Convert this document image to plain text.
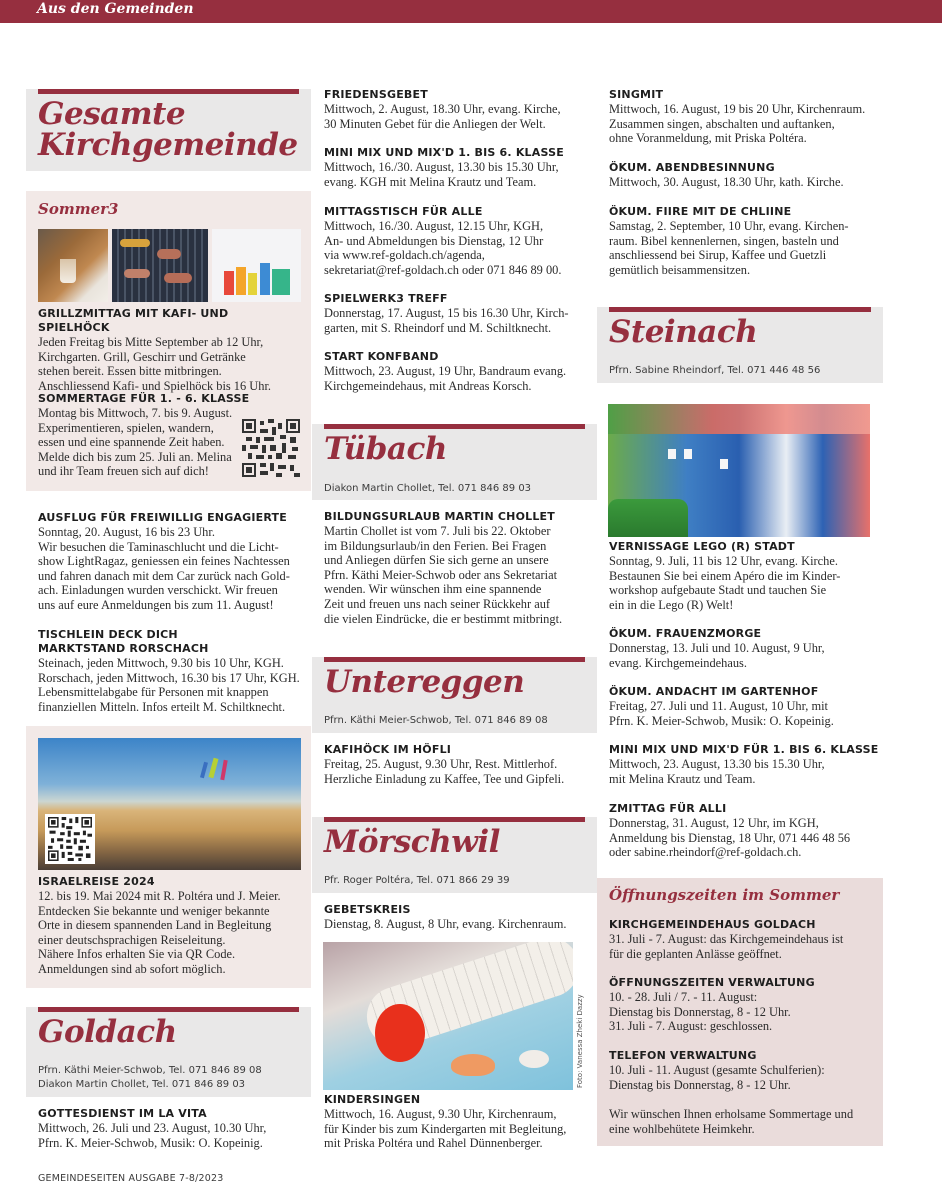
Aus den Gemeinden
Gesamte
Kirchgemeinde
Sommer3
GRILLZMITTAG MIT KAFI- UND SPIELHÖCK
Jeden Freitag bis Mitte September ab 12 Uhr,
Kirchgarten. Grill, Geschirr und Getränke
stehen bereit. Essen bitte mitbringen.
Anschliessend Kafi- und Spielhöck bis 16 Uhr.
SOMMERTAGE FÜR 1. - 6. KLASSE
Montag bis Mittwoch, 7. bis 9. August.
Experimentieren, spielen, wandern,
essen und eine spannende Zeit haben.
Melde dich bis zum 25. Juli an. Melina
und ihr Team freuen sich auf dich!
AUSFLUG FÜR FREIWILLIG ENGAGIERTE
Sonntag, 20. August, 16 bis 23 Uhr.
Wir besuchen die Taminaschlucht und die Licht-
show LightRagaz, geniessen ein feines Nachtessen
und fahren danach mit dem Car zurück nach Gold-
ach. Einladungen wurden verschickt. Wir freuen
uns auf eure Anmeldungen bis zum 11. August!
TISCHLEIN DECK DICH
MARKTSTAND RORSCHACH
Steinach, jeden Mittwoch, 9.30 bis 10 Uhr, KGH.
Rorschach, jeden Mittwoch, 16.30 bis 17 Uhr, KGH.
Lebensmittelabgabe für Personen mit knappen
finanziellen Mitteln. Infos erteilt M. Schiltknecht.
ISRAELREISE 2024
12. bis 19. Mai 2024 mit R. Poltéra und J. Meier.
Entdecken Sie bekannte und weniger bekannte
Orte in diesem spannenden Land in Begleitung
einer deutschsprachigen Reiseleitung.
Nähere Infos erhalten Sie via QR Code.
Anmeldungen sind ab sofort möglich.
Goldach
Pfrn. Käthi Meier-Schwob, Tel. 071 846 89 08
Diakon Martin Chollet, Tel. 071 846 89 03
GOTTESDIENST IM LA VITA
Mittwoch, 26. Juli und 23. August, 10.30 Uhr,
Pfrn. K. Meier-Schwob, Musik: O. Kopeinig.
GEMEINDESEITEN AUSGABE 7-8/2023
FRIEDENSGEBET
Mittwoch, 2. August, 18.30 Uhr, evang. Kirche,
30 Minuten Gebet für die Anliegen der Welt.
MINI MIX UND MIX'D 1. BIS 6. KLASSE
Mittwoch, 16./30. August, 13.30 bis 15.30 Uhr,
evang. KGH mit Melina Krautz und Team.
MITTAGSTISCH FÜR ALLE
Mittwoch, 16./30. August, 12.15 Uhr, KGH,
An- und Abmeldungen bis Dienstag, 12 Uhr
via www.ref-goldach.ch/agenda,
sekretariat@ref-goldach.ch oder 071 846 89 00.
SPIELWERK3 TREFF
Donnerstag, 17. August, 15 bis 16.30 Uhr, Kirch-
garten, mit S. Rheindorf und M. Schiltknecht.
START KONFBAND
Mittwoch, 23. August, 19 Uhr, Bandraum evang.
Kirchgemeindehaus, mit Andreas Korsch.
Tübach
Diakon Martin Chollet, Tel. 071 846 89 03
BILDUNGSURLAUB MARTIN CHOLLET
Martin Chollet ist vom 7. Juli bis 22. Oktober
im Bildungsurlaub/in den Ferien. Bei Fragen
und Anliegen dürfen Sie sich gerne an unsere
Pfrn. Käthi Meier-Schwob oder ans Sekretariat
wenden. Wir wünschen ihm eine spannende
Zeit und freuen uns nach seiner Rückkehr auf
die vielen Eindrücke, die er bestimmt mitbringt.
Untereggen
Pfrn. Käthi Meier-Schwob, Tel. 071 846 89 08
KAFIHÖCK IM HÖFLI
Freitag, 25. August, 9.30 Uhr, Rest. Mittlerhof.
Herzliche Einladung zu Kaffee, Tee und Gipfeli.
Mörschwil
Pfr. Roger Poltéra, Tel. 071 866 29 39
GEBETSKREIS
Dienstag, 8. August, 8 Uhr, evang. Kirchenraum.
Foto: Vanessa Zheki Dazzy
KINDERSINGEN
Mittwoch, 16. August, 9.30 Uhr, Kirchenraum,
für Kinder bis zum Kindergarten mit Begleitung,
mit Priska Poltéra und Rahel Dünnenberger.
SINGMIT
Mittwoch, 16. August, 19 bis 20 Uhr, Kirchenraum.
Zusammen singen, abschalten und auftanken,
ohne Voranmeldung, mit Priska Poltéra.
ÖKUM. ABENDBESINNUNG
Mittwoch, 30. August, 18.30 Uhr, kath. Kirche.
ÖKUM. FIIRE MIT DE CHLIINE
Samstag, 2. September, 10 Uhr, evang. Kirchen-
raum. Bibel kennenlernen, singen, basteln und
anschliessend bei Sirup, Kaffee und Guetzli
gemütlich beisammensitzen.
Steinach
Pfrn. Sabine Rheindorf, Tel. 071 446 48 56
VERNISSAGE LEGO (R) STADT
Sonntag, 9. Juli, 11 bis 12 Uhr, evang. Kirche.
Bestaunen Sie bei einem Apéro die im Kinder-
workshop aufgebaute Stadt und tauchen Sie
ein in die Lego (R) Welt!
ÖKUM. FRAUENZMORGE
Donnerstag, 13. Juli und 10. August, 9 Uhr,
evang. Kirchgemeindehaus.
ÖKUM. ANDACHT IM GARTENHOF
Freitag, 27. Juli und 11. August, 10 Uhr, mit
Pfrn. K. Meier-Schwob, Musik: O. Kopeinig.
MINI MIX UND MIX'D FÜR 1. BIS 6. KLASSE
Mittwoch, 23. August, 13.30 bis 15.30 Uhr,
mit Melina Krautz und Team.
ZMITTAG FÜR ALLI
Donnerstag, 31. August, 12 Uhr, im KGH,
Anmeldung bis Dienstag, 18 Uhr, 071 446 48 56
oder sabine.rheindorf@ref-goldach.ch.
Öffnungszeiten im Sommer
KIRCHGEMEINDEHAUS GOLDACH
31. Juli - 7. August: das Kirchgemeindehaus ist
für die geplanten Anlässe geöffnet.
ÖFFNUNGSZEITEN VERWALTUNG
10. - 28. Juli / 7. - 11. August:
Dienstag bis Donnerstag, 8 - 12 Uhr.
31. Juli - 7. August: geschlossen.
TELEFON VERWALTUNG
10. Juli - 11. August (gesamte Schulferien):
Dienstag bis Donnerstag, 8 - 12 Uhr.
Wir wünschen Ihnen erholsame Sommertage und
eine wohlbehütete Heimkehr.
